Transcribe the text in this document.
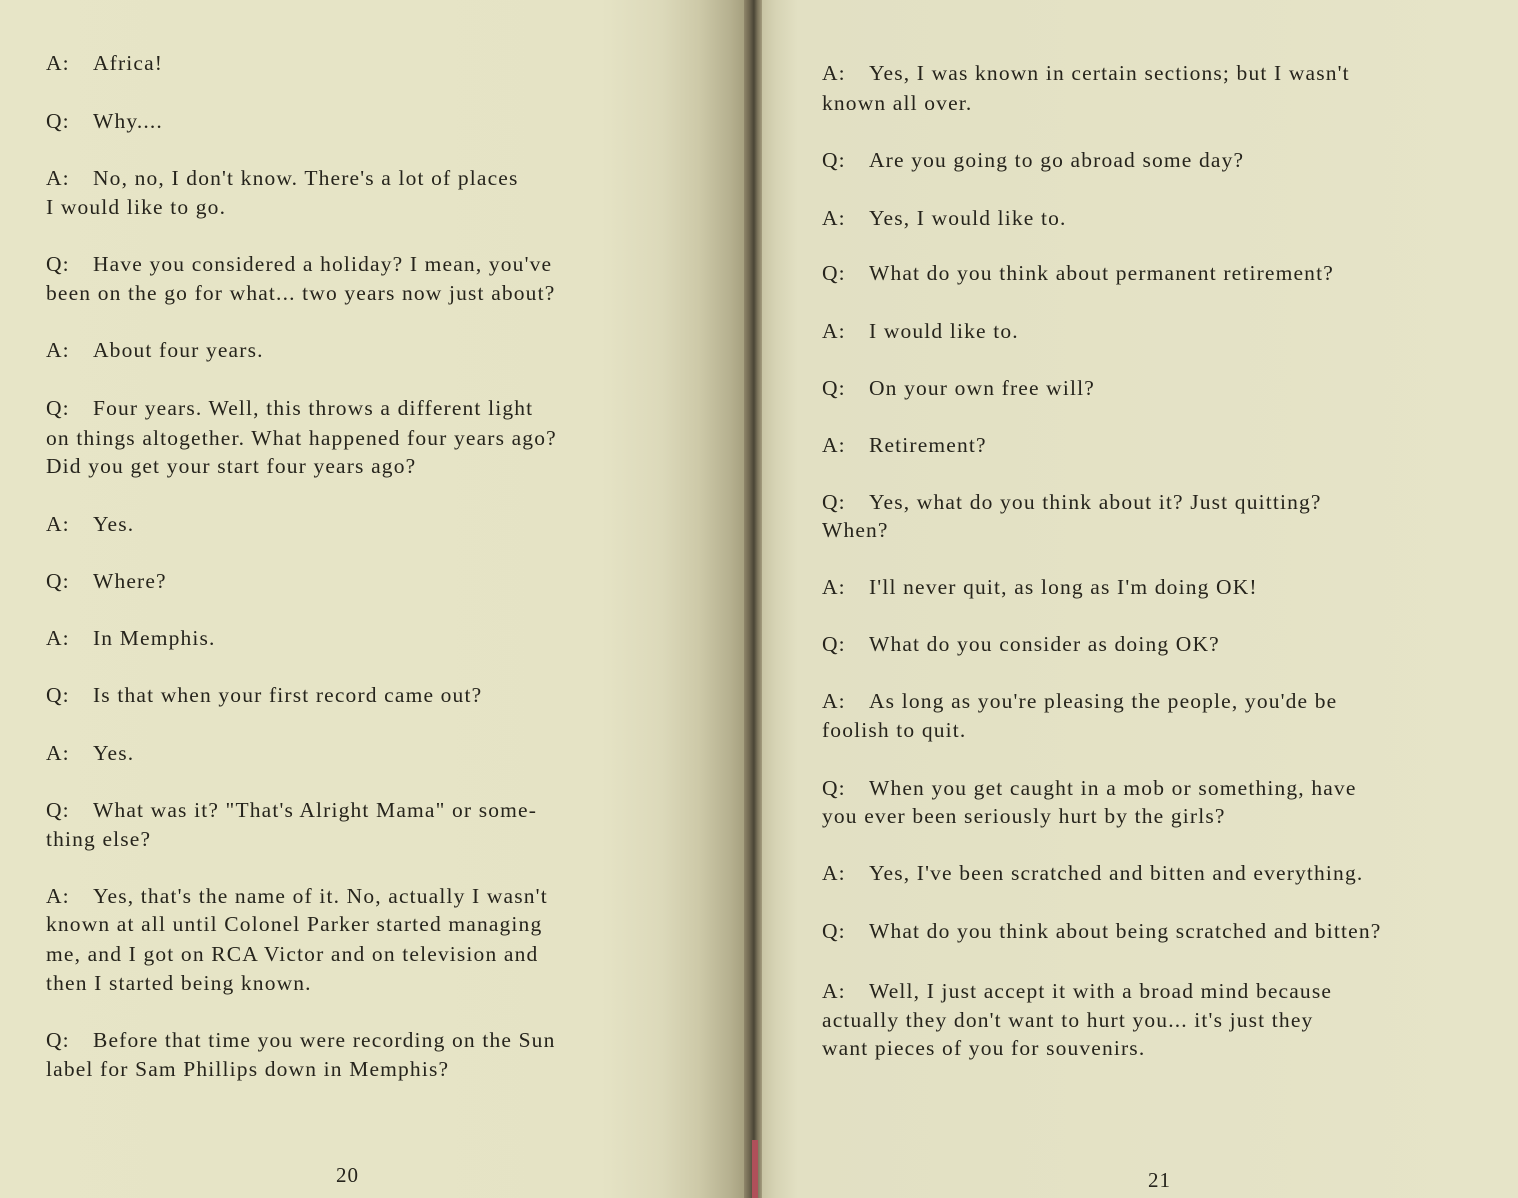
A: Africa!
Q: Why....
A: No, no, I don't know. There's a lot of places
I would like to go.
Q: Have you considered a holiday? I mean, you've
been on the go for what... two years now just about?
A: About four years.
Q: Four years. Well, this throws a different light
on things altogether. What happened four years ago?
Did you get your start four years ago?
A: Yes.
Q: Where?
A: In Memphis.
Q: Is that when your first record came out?
A: Yes.
Q: What was it? "That's Alright Mama" or some-
thing else?
A: Yes, that's the name of it. No, actually I wasn't
known at all until Colonel Parker started managing
me, and I got on RCA Victor and on television and
then I started being known.
Q: Before that time you were recording on the Sun
label for Sam Phillips down in Memphis?
A: Yes, I was known in certain sections; but I wasn't
known all over.
Q: Are you going to go abroad some day?
A: Yes, I would like to.
Q: What do you think about permanent retirement?
A: I would like to.
Q: On your own free will?
A: Retirement?
Q: Yes, what do you think about it? Just quitting?
When?
A: I'll never quit, as long as I'm doing OK!
Q: What do you consider as doing OK?
A: As long as you're pleasing the people, you'de be
foolish to quit.
Q: When you get caught in a mob or something, have
you ever been seriously hurt by the girls?
A: Yes, I've been scratched and bitten and everything.
Q: What do you think about being scratched and bitten?
A: Well, I just accept it with a broad mind because
actually they don't want to hurt you... it's just they
want pieces of you for souvenirs.
20	21
